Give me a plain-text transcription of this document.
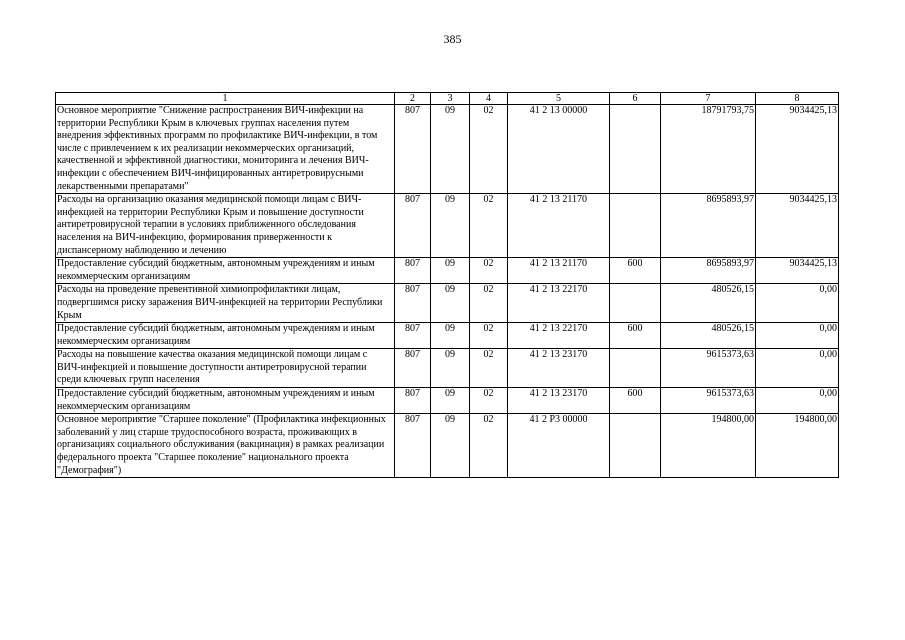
385
1	2	3	4	5	6	7	8
Основное мероприятие "Снижение распространения ВИЧ-инфекции на территории Республики Крым в ключевых группах населения путем внедрения эффективных программ по профилактике ВИЧ-инфекции, в том числе с привлечением к их реализации некоммерческих организаций, качественной и эффективной диагностики, мониторинга и лечения ВИЧ-инфекции с обеспечением ВИЧ-инфицированных антиретровирусными лекарственными препаратами"	807	09	02	41 2 13 00000		18791793,75	9034425,13
Расходы на организацию оказания медицинской помощи лицам с ВИЧ-инфекцией на территории Республики Крым и повышение доступности антиретровирусной терапии в условиях приближенного обследования населения на ВИЧ-инфекцию, формирования приверженности к диспансерному наблюдению и лечению	807	09	02	41 2 13 21170		8695893,97	9034425,13
Предоставление субсидий бюджетным, автономным учреждениям и иным некоммерческим организациям	807	09	02	41 2 13 21170	600	8695893,97	9034425,13
Расходы на проведение превентивной химиопрофилактики лицам, подвергшимся риску заражения ВИЧ-инфекцией на территории Республики Крым	807	09	02	41 2 13 22170		480526,15	0,00
Предоставление субсидий бюджетным, автономным учреждениям и иным некоммерческим организациям	807	09	02	41 2 13 22170	600	480526,15	0,00
Расходы на повышение качества оказания медицинской помощи лицам с ВИЧ-инфекцией и повышение доступности антиретровирусной терапии среди ключевых групп населения	807	09	02	41 2 13 23170		9615373,63	0,00
Предоставление субсидий бюджетным, автономным учреждениям и иным некоммерческим организациям	807	09	02	41 2 13 23170	600	9615373,63	0,00
Основное мероприятие "Старшее поколение" (Профилактика инфекционных заболеваний у лиц старше трудоспособного возраста, проживающих в организациях социального обслуживания (вакцинация) в рамках реализации федерального проекта "Старшее поколение" национального проекта "Демография")	807	09	02	41 2 P3 00000		194800,00	194800,00
